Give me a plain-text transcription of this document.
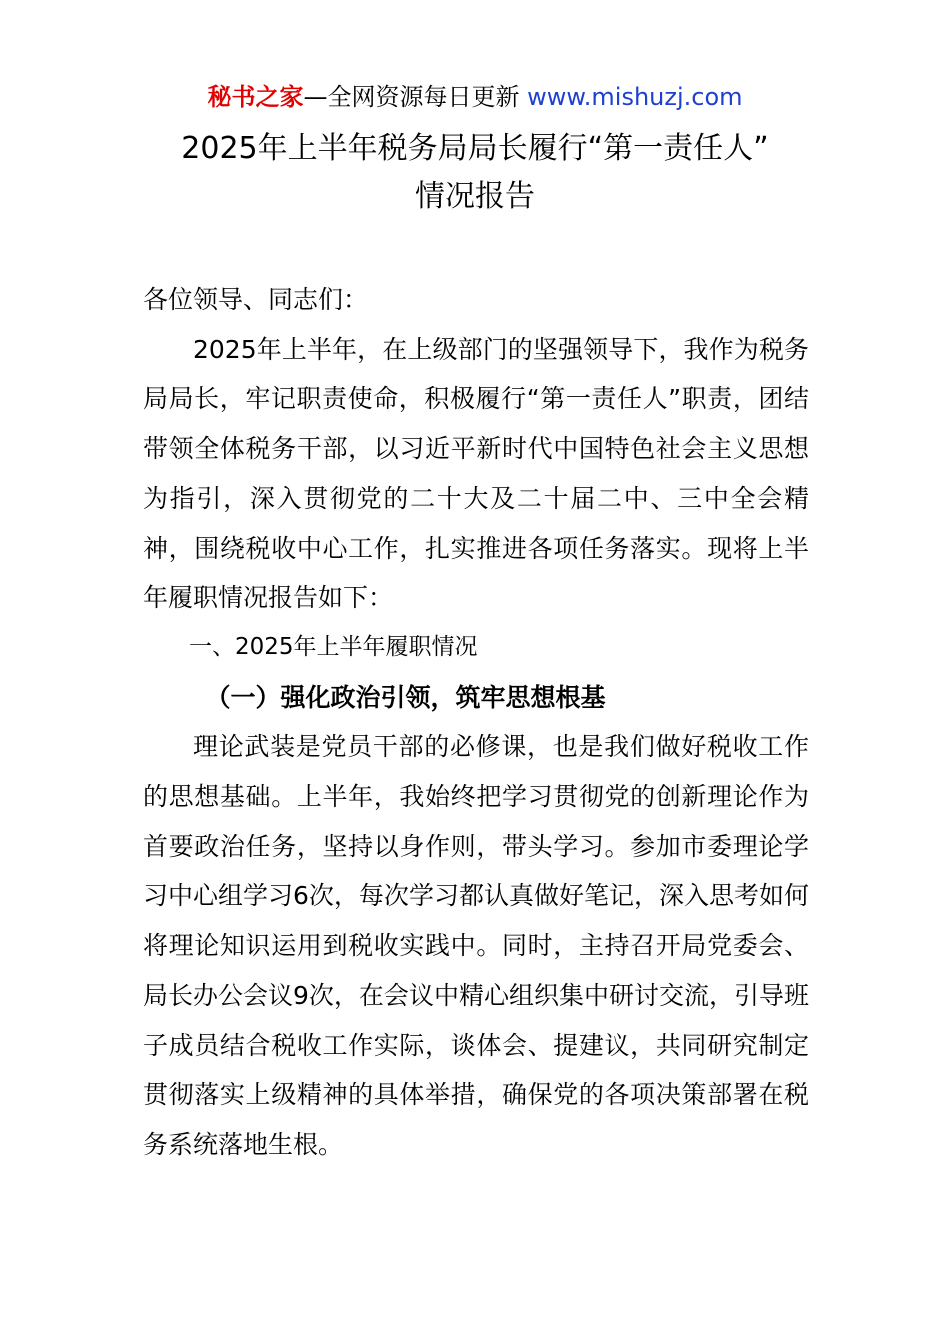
秘书之家—全网资源每日更新 www.mishuzj.com
2025年上半年税务局局长履行“第一责任人”
情况报告

各位领导、同志们：

2025年上半年，在上级部门的坚强领导下，我作为税务局局长，牢记职责使命，积极履行“第一责任人”职责，团结带领全体税务干部，以习近平新时代中国特色社会主义思想为指引，深入贯彻党的二十大及二十届二中、三中全会精神，围绕税收中心工作，扎实推进各项任务落实。现将上半年履职情况报告如下：

一、2025年上半年履职情况

（一）强化政治引领，筑牢思想根基

理论武装是党员干部的必修课，也是我们做好税收工作的思想基础。上半年，我始终把学习贯彻党的创新理论作为首要政治任务，坚持以身作则，带头学习。参加市委理论学习中心组学习6次，每次学习都认真做好笔记，深入思考如何将理论知识运用到税收实践中。同时，主持召开局党委会、局长办公会议9次，在会议中精心组织集中研讨交流，引导班子成员结合税收工作实际，谈体会、提建议，共同研究制定贯彻落实上级精神的具体举措，确保党的各项决策部署在税务系统落地生根。
